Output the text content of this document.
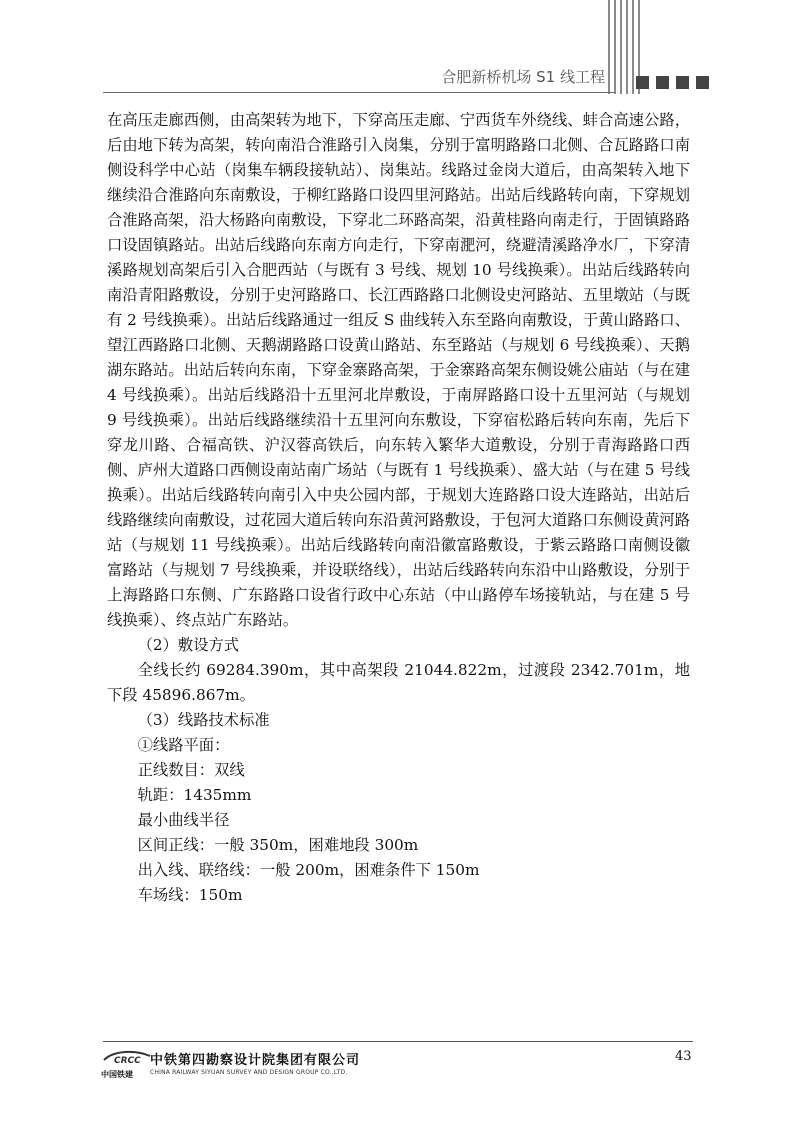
合肥新桥机场 S1 线工程

在高压走廊西侧，由高架转为地下，下穿高压走廊、宁西货车外绕线、蚌合高速公路，后由地下转为高架，转向南沿合淮路引入岗集，分别于富明路路口北侧、合瓦路路口南侧设科学中心站（岗集车辆段接轨站）、岗集站。线路过金岗大道后，由高架转入地下继续沿合淮路向东南敷设，于柳红路路口设四里河路站。出站后线路转向南，下穿规划合淮路高架，沿大杨路向南敷设，下穿北二环路高架，沿黄桂路向南走行，于固镇路路口设固镇路站。出站后线路向东南方向走行，下穿南淝河，绕避清溪路净水厂，下穿清溪路规划高架后引入合肥西站（与既有 3 号线、规划 10 号线换乘）。出站后线路转向南沿青阳路敷设，分别于史河路路口、长江西路路口北侧设史河路站、五里墩站（与既有 2 号线换乘）。出站后线路通过一组反 S 曲线转入东至路向南敷设，于黄山路路口、望江西路路口北侧、天鹅湖路路口设黄山路站、东至路站（与规划 6 号线换乘）、天鹅湖东路站。出站后转向东南，下穿金寨路高架，于金寨路高架东侧设姚公庙站（与在建 4 号线换乘）。出站后线路沿十五里河北岸敷设，于南屏路路口设十五里河站（与规划 9 号线换乘）。出站后线路继续沿十五里河向东敷设，下穿宿松路后转向东南，先后下穿龙川路、合福高铁、沪汉蓉高铁后，向东转入繁华大道敷设，分别于青海路路口西侧、庐州大道路口西侧设南站南广场站（与既有 1 号线换乘）、盛大站（与在建 5 号线换乘）。出站后线路转向南引入中央公园内部，于规划大连路路口设大连路站，出站后线路继续向南敷设，过花园大道后转向东沿黄河路敷设，于包河大道路口东侧设黄河路站（与规划 11 号线换乘）。出站后线路转向南沿徽富路敷设，于紫云路路口南侧设徽富路站（与规划 7 号线换乘，并设联络线），出站后线路转向东沿中山路敷设，分别于上海路路口东侧、广东路路口设省行政中心东站（中山路停车场接轨站，与在建 5 号线换乘）、终点站广东路站。

（2）敷设方式

全线长约 69284.390m，其中高架段 21044.822m，过渡段 2342.701m，地下段 45896.867m。

（3）线路技术标准

①线路平面：

正线数目：双线

轨距：1435mm

最小曲线半径

区间正线：一般 350m，困难地段 300m

出入线、联络线：一般 200m，困难条件下 150m

车场线：150m

CRCC
中国铁建
中铁第四勘察设计院集团有限公司
CHINA RAILWAY SIYUAN SURVEY AND DESIGN GROUP CO.,LTD.
43
